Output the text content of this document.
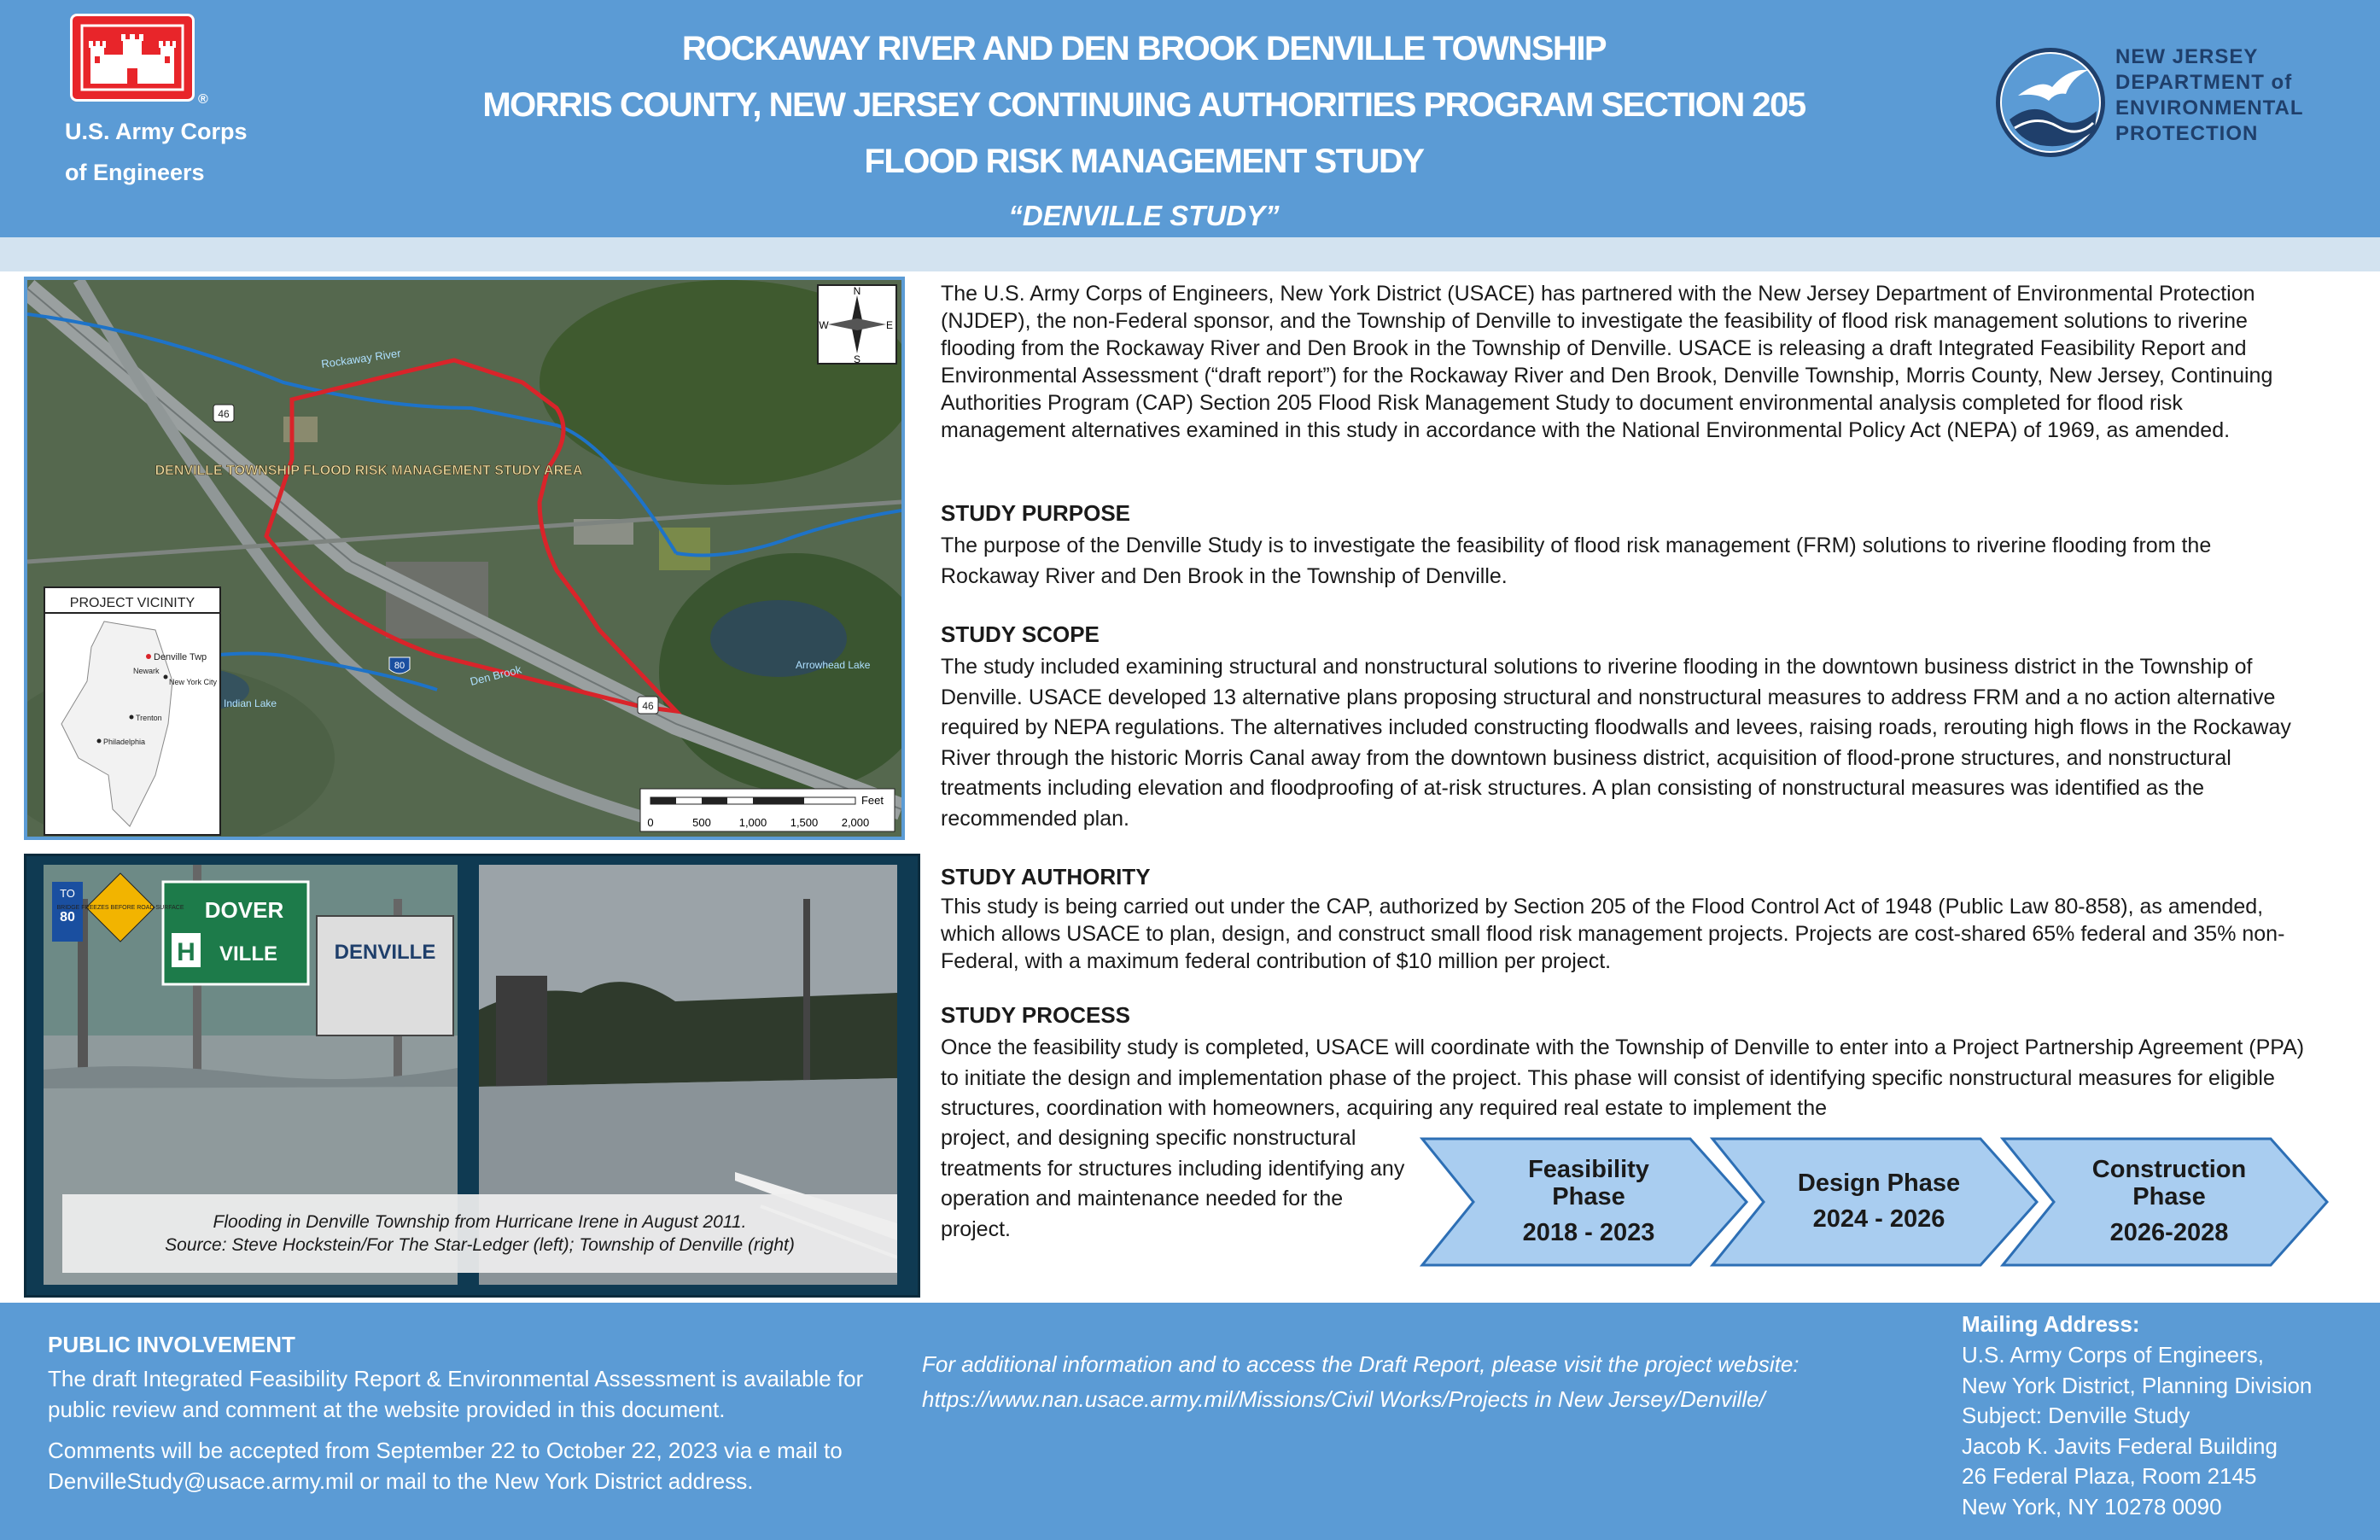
®
U.S. Army Corps
of Engineers
ROCKAWAY RIVER AND DEN BROOK DENVILLE TOWNSHIP
MORRIS COUNTY, NEW JERSEY CONTINUING AUTHORITIES PROGRAM SECTION 205
FLOOD RISK MANAGEMENT STUDY
“DENVILLE STUDY”
NEW JERSEY
DEPARTMENT of
ENVIRONMENTAL
PROTECTION
DENVILLE TOWNSHIP FLOOD RISK MANAGEMENT STUDY AREA
Rockaway River
Den Brook
Indian Lake
Arrowhead Lake
46
80
46
N
S
E
W
PROJECT VICINITY
Denville Twp
Newark
New York City
Trenton
Philadelphia
Feet
0	500	1,000 1,500 2,000
DOVER
H VILLE
TO
80
BRIDGE FREEZES BEFORE ROAD SURFACE
DENVILLE
Flooding in Denville Township from Hurricane Irene in August 2011.
Source: Steve Hockstein/For The Star-Ledger (left); Township of Denville (right)
The U.S. Army Corps of Engineers, New York District (USACE) has partnered with the New Jersey Department of Environmental Protection (NJDEP), the non-Federal sponsor, and the Township of Denville to investigate the feasibility of flood risk management solutions to riverine flooding from the Rockaway River and Den Brook in the Township of Denville. USACE is releasing a draft Integrated Feasibility Report and Environmental Assessment (“draft report”) for the Rockaway River and Den Brook, Denville Township, Morris County, New Jersey, Continuing Authorities Program (CAP) Section 205 Flood Risk Management Study to document environmental analysis completed for flood risk management alternatives examined in this study in accordance with the National Environmental Policy Act (NEPA) of 1969, as amended.
STUDY PURPOSE
The purpose of the Denville Study is to investigate the feasibility of flood risk management (FRM) solutions to riverine flooding from the Rockaway River and Den Brook in the Township of Denville.
STUDY SCOPE
The study included examining structural and nonstructural solutions to riverine flooding in the downtown business district in the Township of Denville. USACE developed 13 alternative plans proposing structural and nonstructural measures to address FRM and a no action alternative required by NEPA regulations. The alternatives included constructing floodwalls and levees, raising roads, rerouting high flows in the Rockaway River through the historic Morris Canal away from the downtown business district, acquisition of flood-prone structures, and nonstructural treatments including elevation and floodproofing of at-risk structures. A plan consisting of nonstructural measures was identified as the recommended plan.
STUDY AUTHORITY
This study is being carried out under the CAP, authorized by Section 205 of the Flood Control Act of 1948 (Public Law 80-858), as amended, which allows USACE to plan, design, and construct small flood risk management projects. Projects are cost-shared 65% federal and 35% non-Federal, with a maximum federal contribution of $10 million per project.
STUDY PROCESS
Once the feasibility study is completed, USACE will coordinate with the Township of Denville to enter into a Project Partnership Agreement (PPA) to initiate the design and implementation phase of the project. This phase will consist of identifying specific nonstructural measures for eligible structures, coordination with homeowners, acquiring any required real estate to implement the
project, and designing specific nonstructural treatments for structures including identifying any operation and maintenance needed for the project.
Feasibility
Phase
2018 - 2023
Design Phase
2024 - 2026
Construction
Phase
2026-2028
PUBLIC INVOLVEMENT
The draft Integrated Feasibility Report & Environmental Assessment is available for public review and comment at the website provided in this document.
Comments will be accepted from September 22 to October 22, 2023 via e mail to DenvilleStudy@usace.army.mil or mail to the New York District address.
For additional information and to access the Draft Report, please visit the project website:
https://www.nan.usace.army.mil/Missions/Civil Works/Projects in New Jersey/Denville/
Mailing Address:
U.S. Army Corps of Engineers,
New York District, Planning Division
Subject: Denville Study
Jacob K. Javits Federal Building
26 Federal Plaza, Room 2145
New York, NY 10278 0090
